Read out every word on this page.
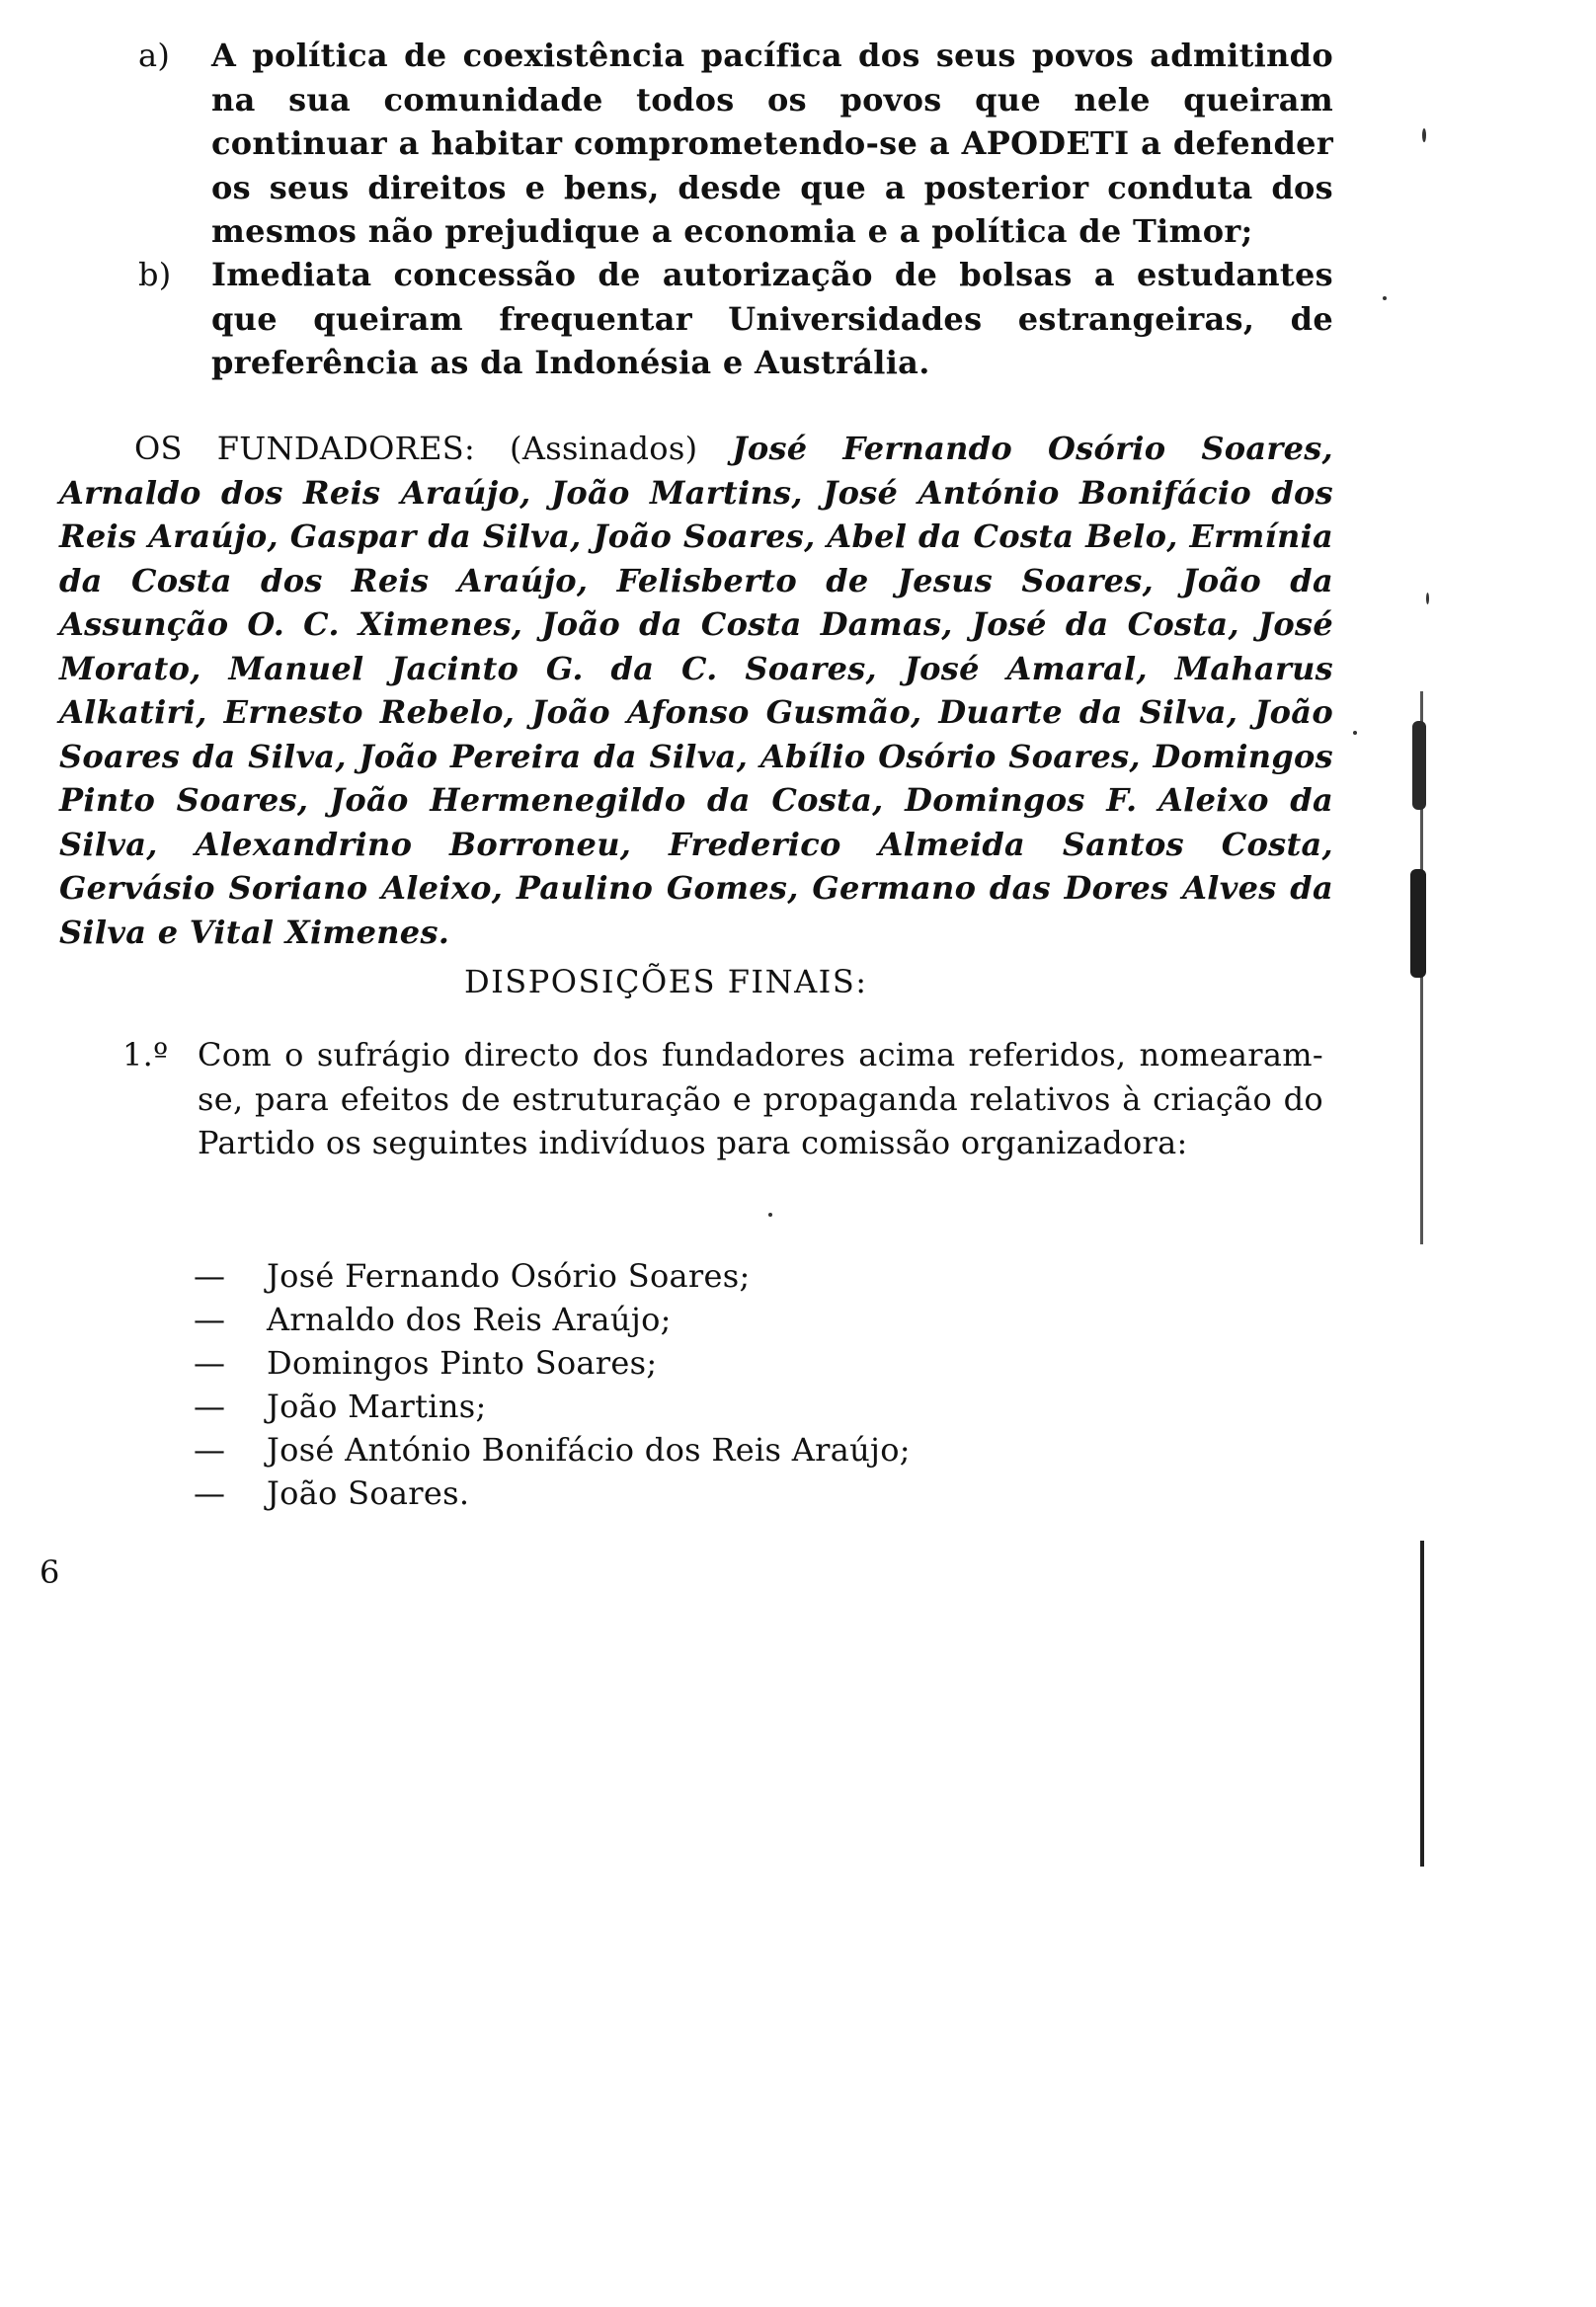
a) A política de coexistência pacífica dos seus povos admitindo na sua comunidade todos os povos que nele queiram continuar a habitar comprometendo-se a APODETI a defender os seus direitos e bens, desde que a posterior conduta dos mesmos não prejudique a economia e a política de Timor;
b) Imediata concessão de autorização de bolsas a estudantes que queiram frequentar Universidades estrangeiras, de preferência as da Indonésia e Austrália.
OS FUNDADORES: (Assinados) José Fernando Osório Soares, Arnaldo dos Reis Araújo, João Martins, José António Bonifácio dos Reis Araújo, Gaspar da Silva, João Soares, Abel da Costa Belo, Ermínia da Costa dos Reis Araújo, Felisberto de Jesus Soares, João da Assunção O. C. Ximenes, João da Costa Damas, José da Costa, José Morato, Manuel Jacinto G. da C. Soares, José Amaral, Maharus Alkatiri, Ernesto Rebelo, João Afonso Gusmão, Duarte da Silva, João Soares da Silva, João Pereira da Silva, Abílio Osório Soares, Domingos Pinto Soares, João Hermenegildo da Costa, Domingos F. Aleixo da Silva, Alexandrino Borroneu, Frederico Almeida Santos Costa, Gervásio Soriano Aleixo, Paulino Gomes, Germano das Dores Alves da Silva e Vital Ximenes.
DISPOSIÇÕES FINAIS:
1.º Com o sufrágio directo dos fundadores acima referidos, nomearam-se, para efeitos de estruturação e propaganda relativos à criação do Partido os seguintes indivíduos para comissão organizadora:
— José Fernando Osório Soares;
— Arnaldo dos Reis Araújo;
— Domingos Pinto Soares;
— João Martins;
— José António Bonifácio dos Reis Araújo;
— João Soares.
6
